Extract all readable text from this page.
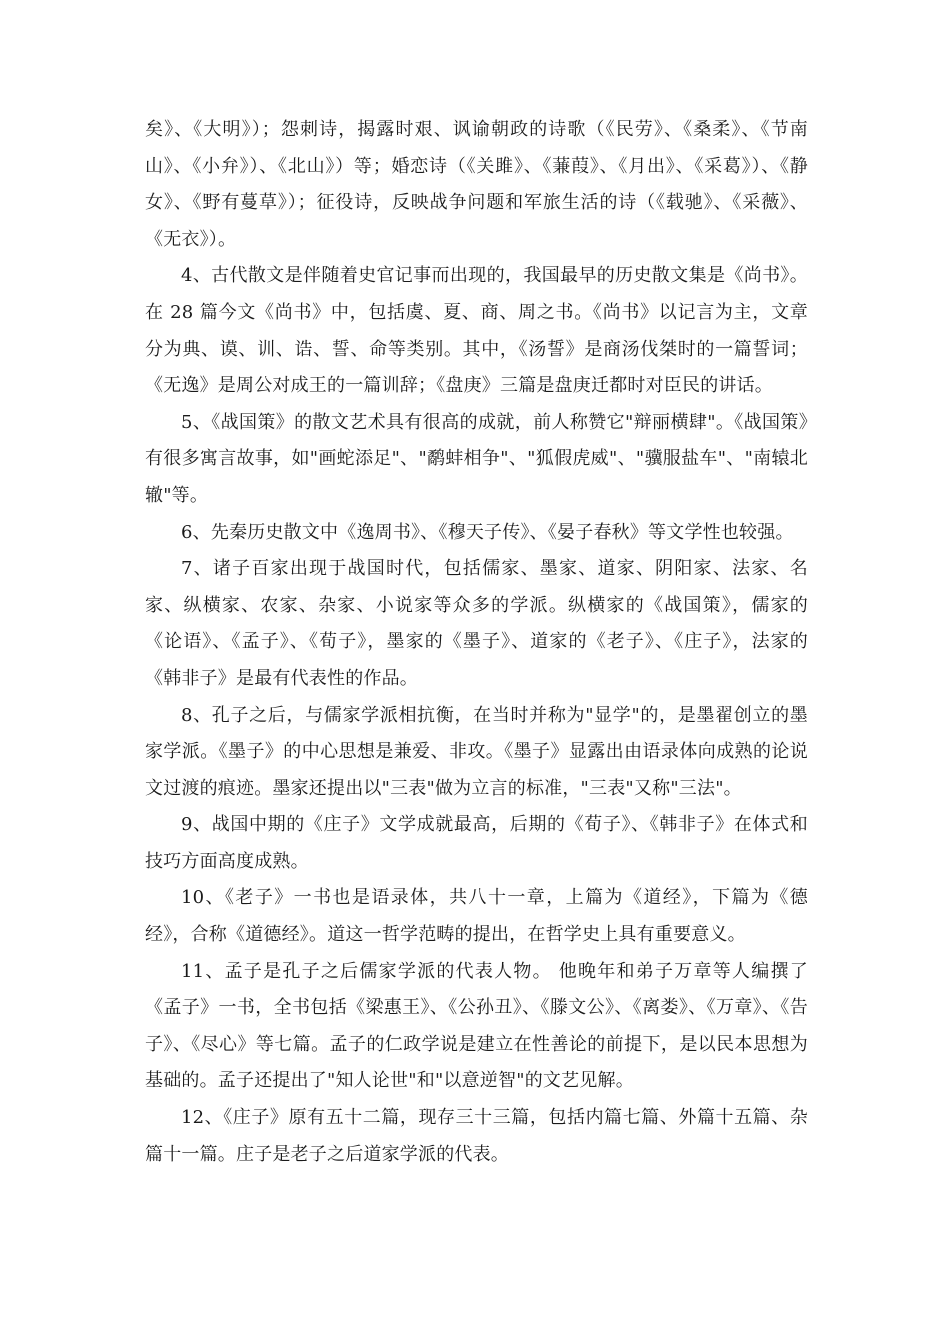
矣》、《大明》）；怨刺诗，揭露时艰、讽谕朝政的诗歌（《民劳》、《桑柔》、《节南山》、《小弁》）、《北山》）等；婚恋诗（《关雎》、《蒹葭》、《月出》、《采葛》）、《静女》、《野有蔓草》）；征役诗，反映战争问题和军旅生活的诗（《载驰》、《采薇》、《无衣》）。

4、古代散文是伴随着史官记事而出现的，我国最早的历史散文集是《尚书》。在 28 篇今文《尚书》中，包括虞、夏、商、周之书。《尚书》以记言为主，文章分为典、谟、训、诰、誓、命等类别。其中，《汤誓》是商汤伐桀时的一篇誓词；《无逸》是周公对成王的一篇训辞；《盘庚》三篇是盘庚迁都时对臣民的讲话。

5、《战国策》的散文艺术具有很高的成就，前人称赞它"辩丽横肆"。《战国策》有很多寓言故事，如"画蛇添足"、"鹬蚌相争"、"狐假虎威"、"骥服盐车"、"南辕北辙"等。

6、先秦历史散文中《逸周书》、《穆天子传》、《晏子春秋》等文学性也较强。

7、诸子百家出现于战国时代，包括儒家、墨家、道家、阴阳家、法家、名家、纵横家、农家、杂家、小说家等众多的学派。纵横家的《战国策》，儒家的《论语》、《孟子》、《荀子》，墨家的《墨子》、道家的《老子》、《庄子》，法家的《韩非子》是最有代表性的作品。

8、孔子之后，与儒家学派相抗衡，在当时并称为"显学"的，是墨翟创立的墨家学派。《墨子》的中心思想是兼爱、非攻。《墨子》显露出由语录体向成熟的论说文过渡的痕迹。墨家还提出以"三表"做为立言的标准，"三表"又称"三法"。

9、战国中期的《庄子》文学成就最高，后期的《荀子》、《韩非子》在体式和技巧方面高度成熟。

10、《老子》一书也是语录体，共八十一章，上篇为《道经》，下篇为《德经》，合称《道德经》。道这一哲学范畴的提出，在哲学史上具有重要意义。

11、孟子是孔子之后儒家学派的代表人物。 他晚年和弟子万章等人编撰了《孟子》一书，全书包括《梁惠王》、《公孙丑》、《滕文公》、《离娄》、《万章》、《告子》、《尽心》等七篇。孟子的仁政学说是建立在性善论的前提下，是以民本思想为基础的。孟子还提出了"知人论世"和"以意逆智"的文艺见解。

12、《庄子》原有五十二篇，现存三十三篇，包括内篇七篇、外篇十五篇、杂篇十一篇。庄子是老子之后道家学派的代表。
